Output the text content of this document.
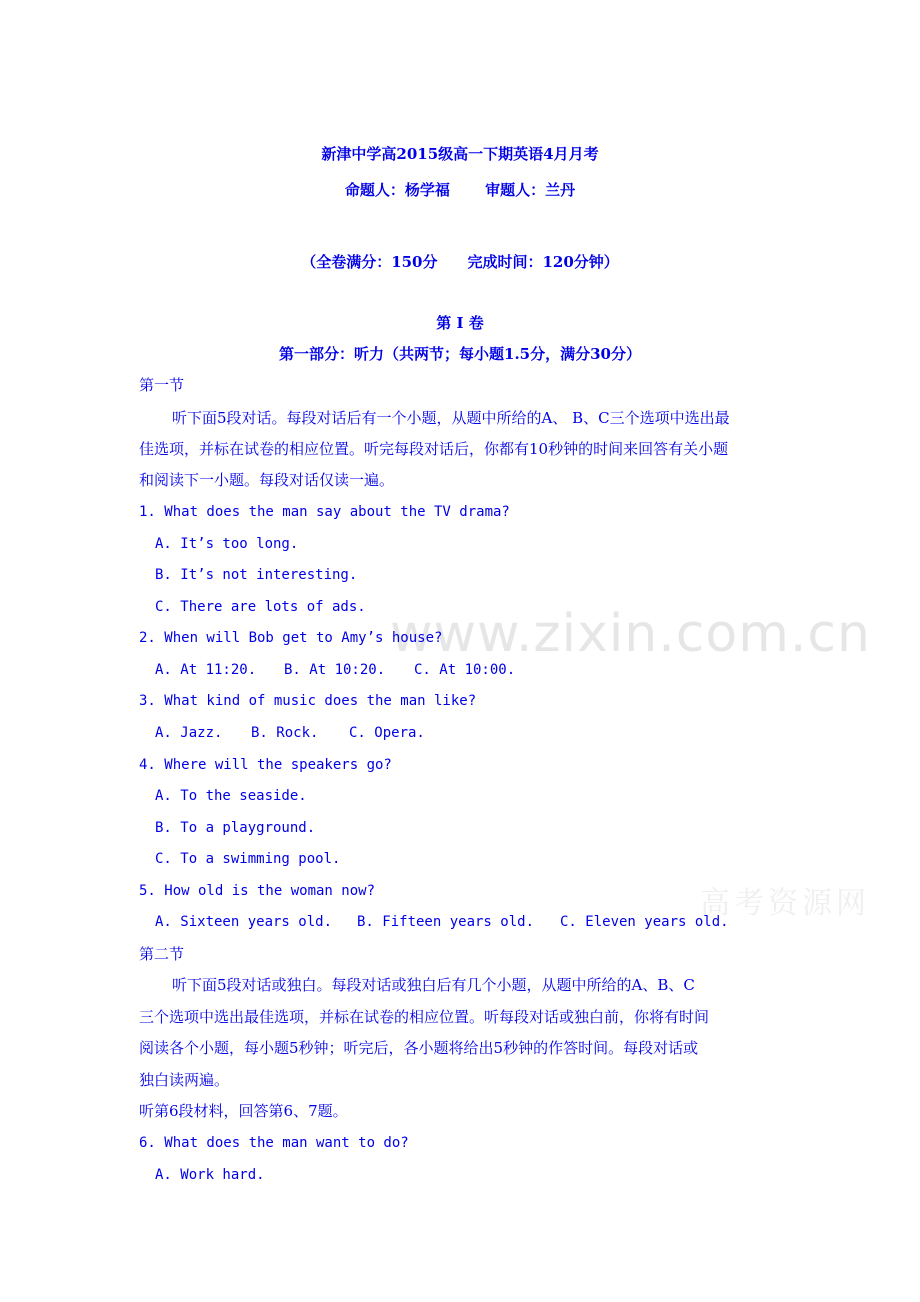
www.zixin.com.cn
高考资源网
新津中学高2015级高一下期英语4月月考
命题人：杨学福　　 审题人：兰丹
（全卷满分：150分　　完成时间：120分钟）
第 I 卷
第一部分：听力（共两节；每小题1.5分，满分30分）
第一节
听下面5段对话。每段对话后有一个小题，从题中所给的A、 B、C三个选项中选出最
佳选项，并标在试卷的相应位置。听完每段对话后，你都有10秒钟的时间来回答有关小题
和阅读下一小题。每段对话仅读一遍。
1. What does the man say about the TV drama?
A. It’s too long.
B. It’s not interesting.
C. There are lots of ads.
2. When will Bob get to Amy’s house?
A. At 11:20. B. At 10:20. C. At 10:00.
3. What kind of music does the man like?
A. Jazz. B. Rock. C. Opera.
4. Where will the speakers go?
A. To the seaside.
B. To a playground.
C. To a swimming pool.
5. How old is the woman now?
A. Sixteen years old. B. Fifteen years old. C. Eleven years old.
第二节
听下面5段对话或独白。每段对话或独白后有几个小题，从题中所给的A、B、C
三个选项中选出最佳选项，并标在试卷的相应位置。听每段对话或独白前，你将有时间
阅读各个小题，每小题5秒钟；听完后，各小题将给出5秒钟的作答时间。每段对话或
独白读两遍。
听第6段材料，回答第6、7题。
6. What does the man want to do?
A. Work hard.
